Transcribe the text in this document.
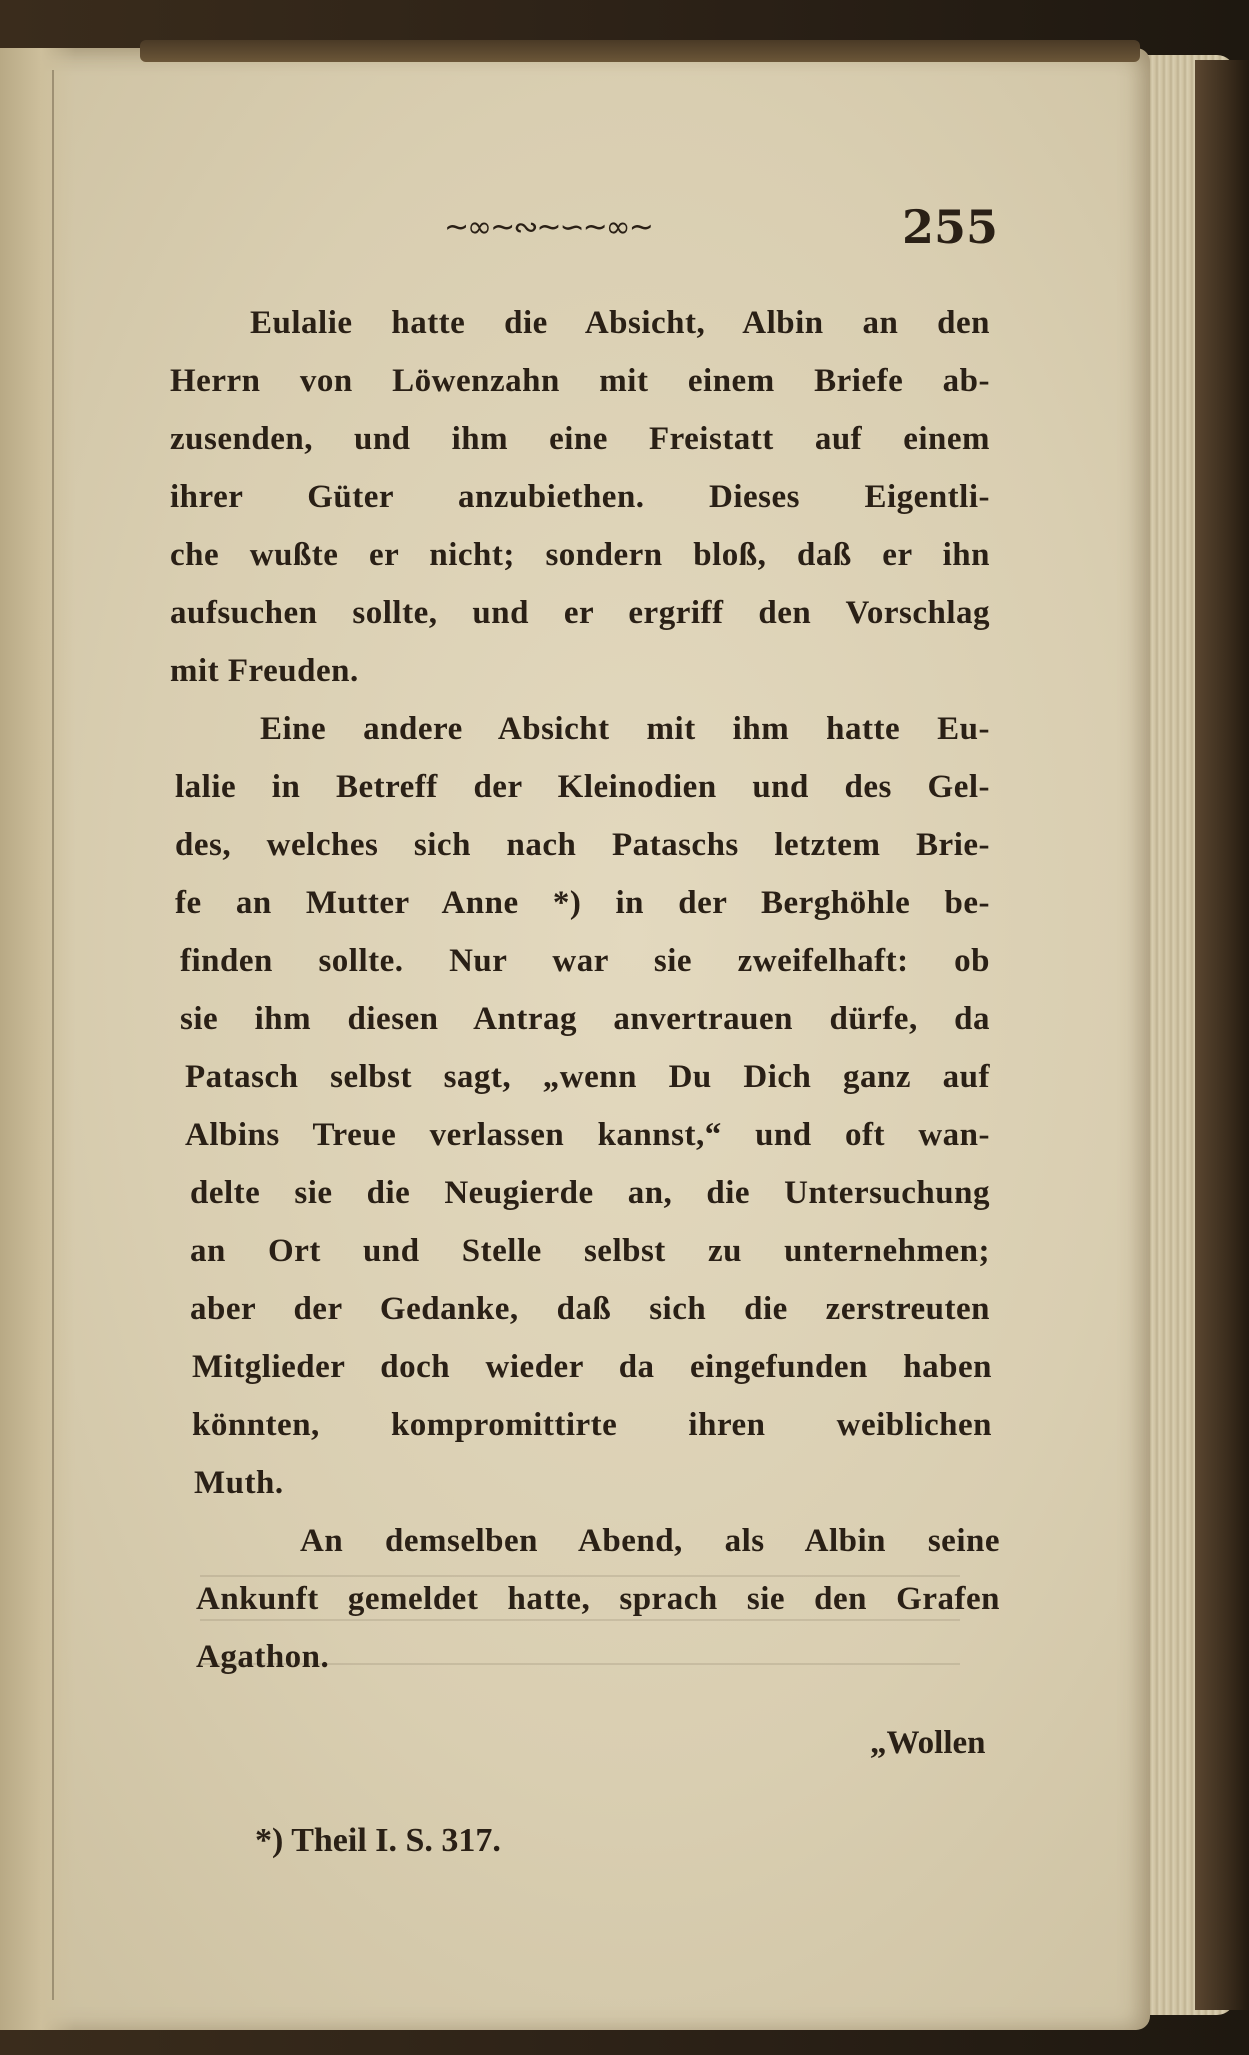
~∞~∾~∽~∞~	255
Eulalie hatte die Absicht, Albin an den
Herrn von Löwenzahn mit einem Briefe ab-
zusenden, und ihm eine Freistatt auf einem
ihrer Güter anzubiethen. Dieses Eigentli-
che wußte er nicht; sondern bloß, daß er ihn
aufsuchen sollte, und er ergriff den Vorschlag
mit Freuden.
Eine andere Absicht mit ihm hatte Eu-
lalie in Betreff der Kleinodien und des Gel-
des, welches sich nach Pataschs letztem Brie-
fe an Mutter Anne *) in der Berghöhle be-
finden sollte. Nur war sie zweifelhaft: ob
sie ihm diesen Antrag anvertrauen dürfe, da
Patasch selbst sagt, „wenn Du Dich ganz auf
Albins Treue verlassen kannst,“ und oft wan-
delte sie die Neugierde an, die Untersuchung
an Ort und Stelle selbst zu unternehmen;
aber der Gedanke, daß sich die zerstreuten
Mitglieder doch wieder da eingefunden haben
könnten, kompromittirte ihren weiblichen
Muth.
An demselben Abend, als Albin seine
Ankunft gemeldet hatte, sprach sie den Grafen
Agathon.
„Wollen
*) Theil I. S. 317.
